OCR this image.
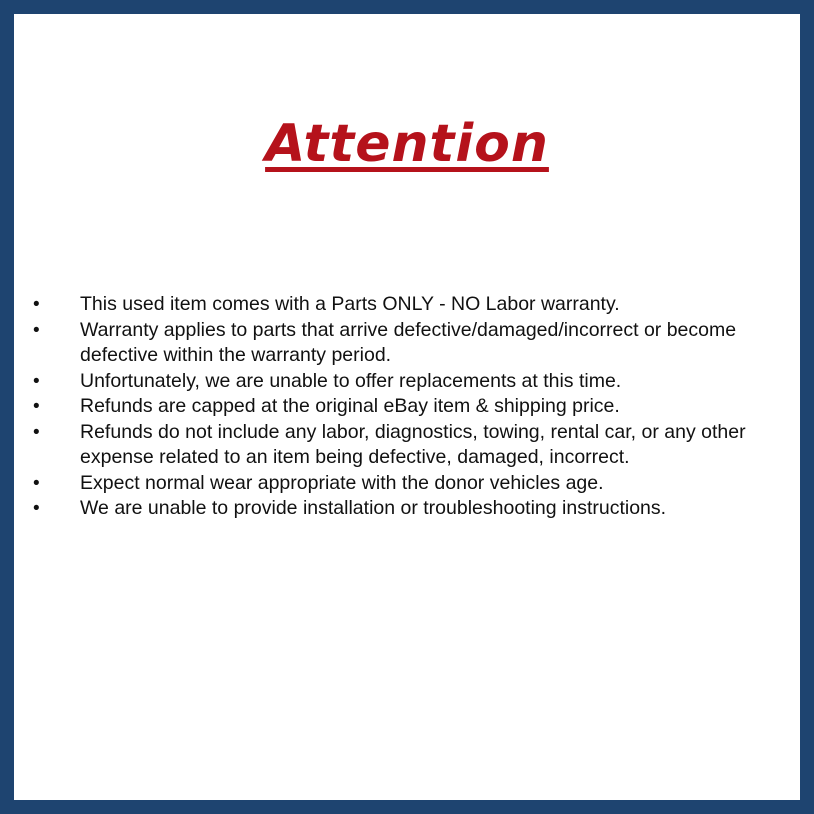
Attention
•	This used item comes with a Parts ONLY - NO Labor warranty.
•	Warranty applies to parts that arrive defective/damaged/incorrect or become defective within the warranty period.
•	Unfortunately, we are unable to offer replacements at this time.
•	Refunds are capped at the original eBay item & shipping price.
•	Refunds do not include any labor, diagnostics, towing, rental car, or any other expense related to an item being defective, damaged, incorrect.
•	Expect normal wear appropriate with the donor vehicles age.
•	We are unable to provide installation or troubleshooting instructions.
